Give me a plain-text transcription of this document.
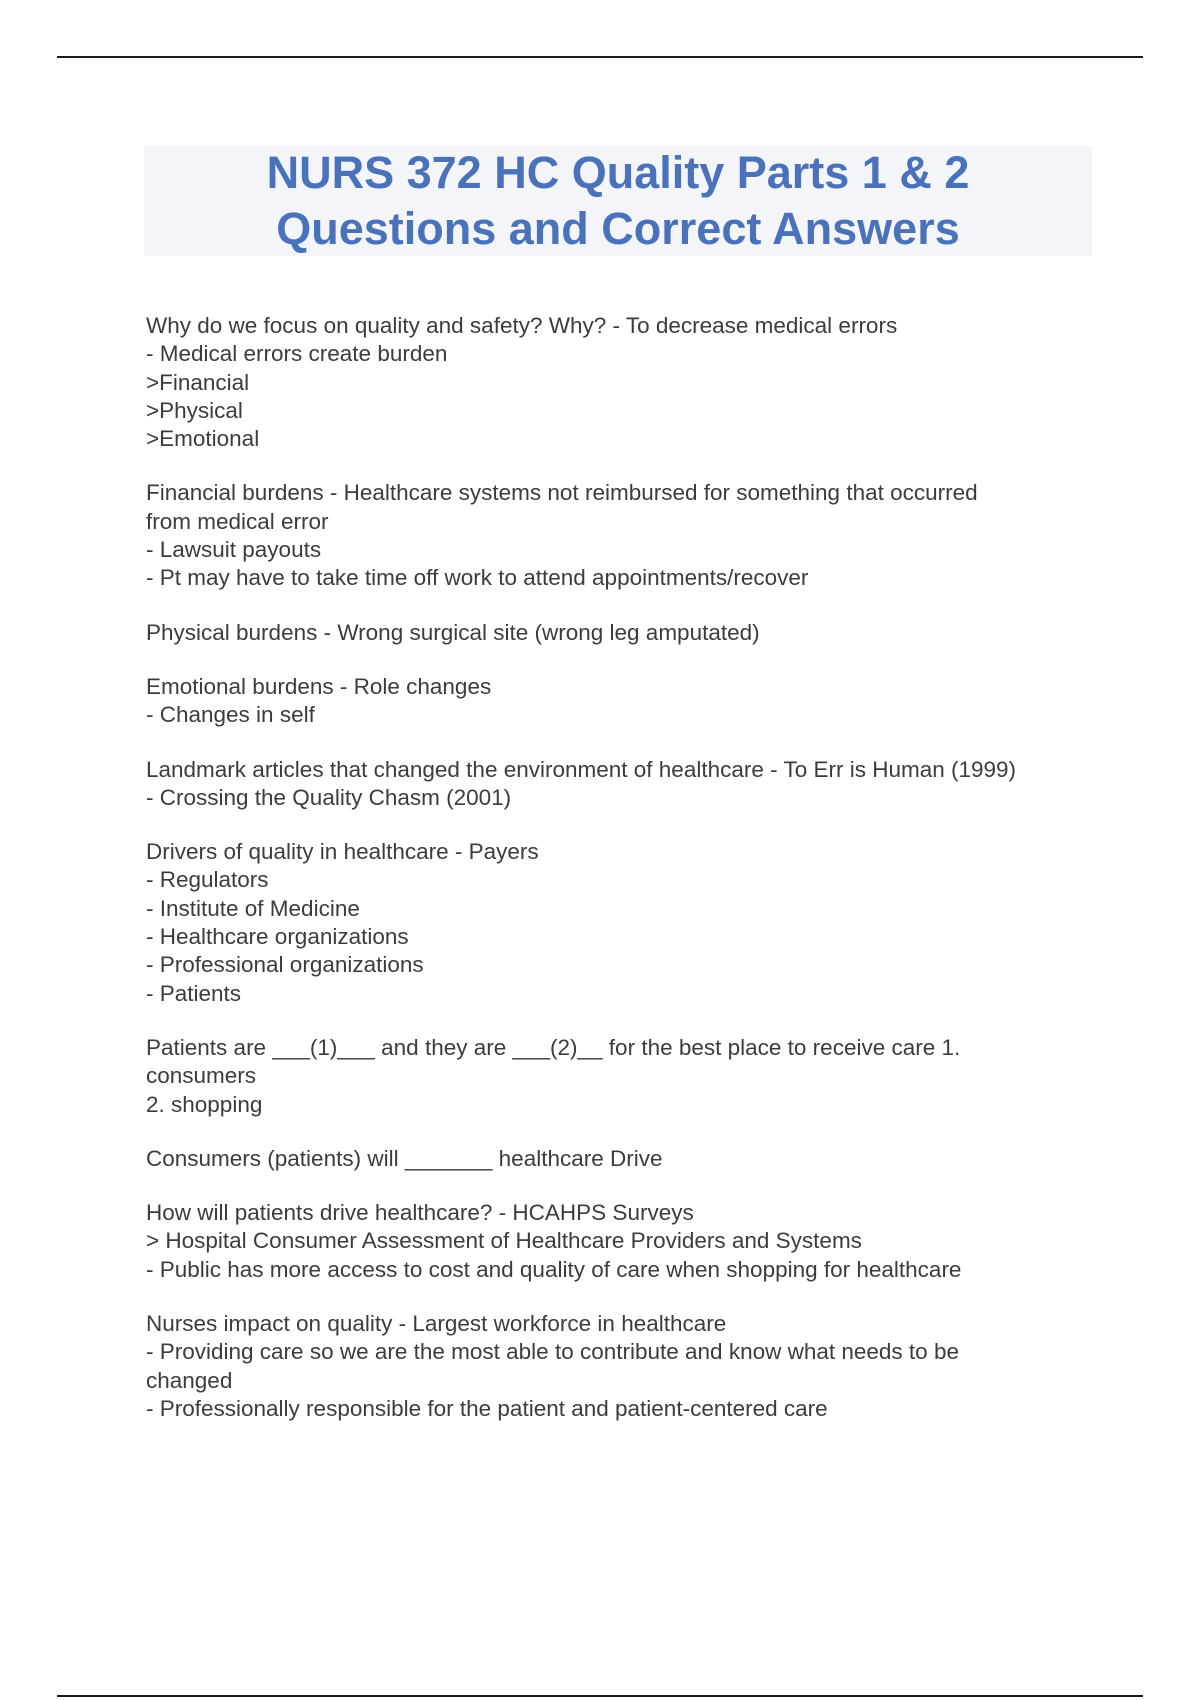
NURS 372 HC Quality Parts 1 & 2
Questions and Correct Answers
Why do we focus on quality and safety? Why? - To decrease medical errors
- Medical errors create burden
>Financial
>Physical
>Emotional
Financial burdens - Healthcare systems not reimbursed for something that occurred
from medical error
- Lawsuit payouts
- Pt may have to take time off work to attend appointments/recover
Physical burdens - Wrong surgical site (wrong leg amputated)
Emotional burdens - Role changes
- Changes in self
Landmark articles that changed the environment of healthcare - To Err is Human (1999)
- Crossing the Quality Chasm (2001)
Drivers of quality in healthcare - Payers
- Regulators
- Institute of Medicine
- Healthcare organizations
- Professional organizations
- Patients
Patients are ___(1)___ and they are ___(2)__ for the best place to receive care 1.
consumers
2. shopping
Consumers (patients) will _______ healthcare Drive
How will patients drive healthcare? - HCAHPS Surveys
> Hospital Consumer Assessment of Healthcare Providers and Systems
- Public has more access to cost and quality of care when shopping for healthcare
Nurses impact on quality - Largest workforce in healthcare
- Providing care so we are the most able to contribute and know what needs to be
changed
- Professionally responsible for the patient and patient-centered care
